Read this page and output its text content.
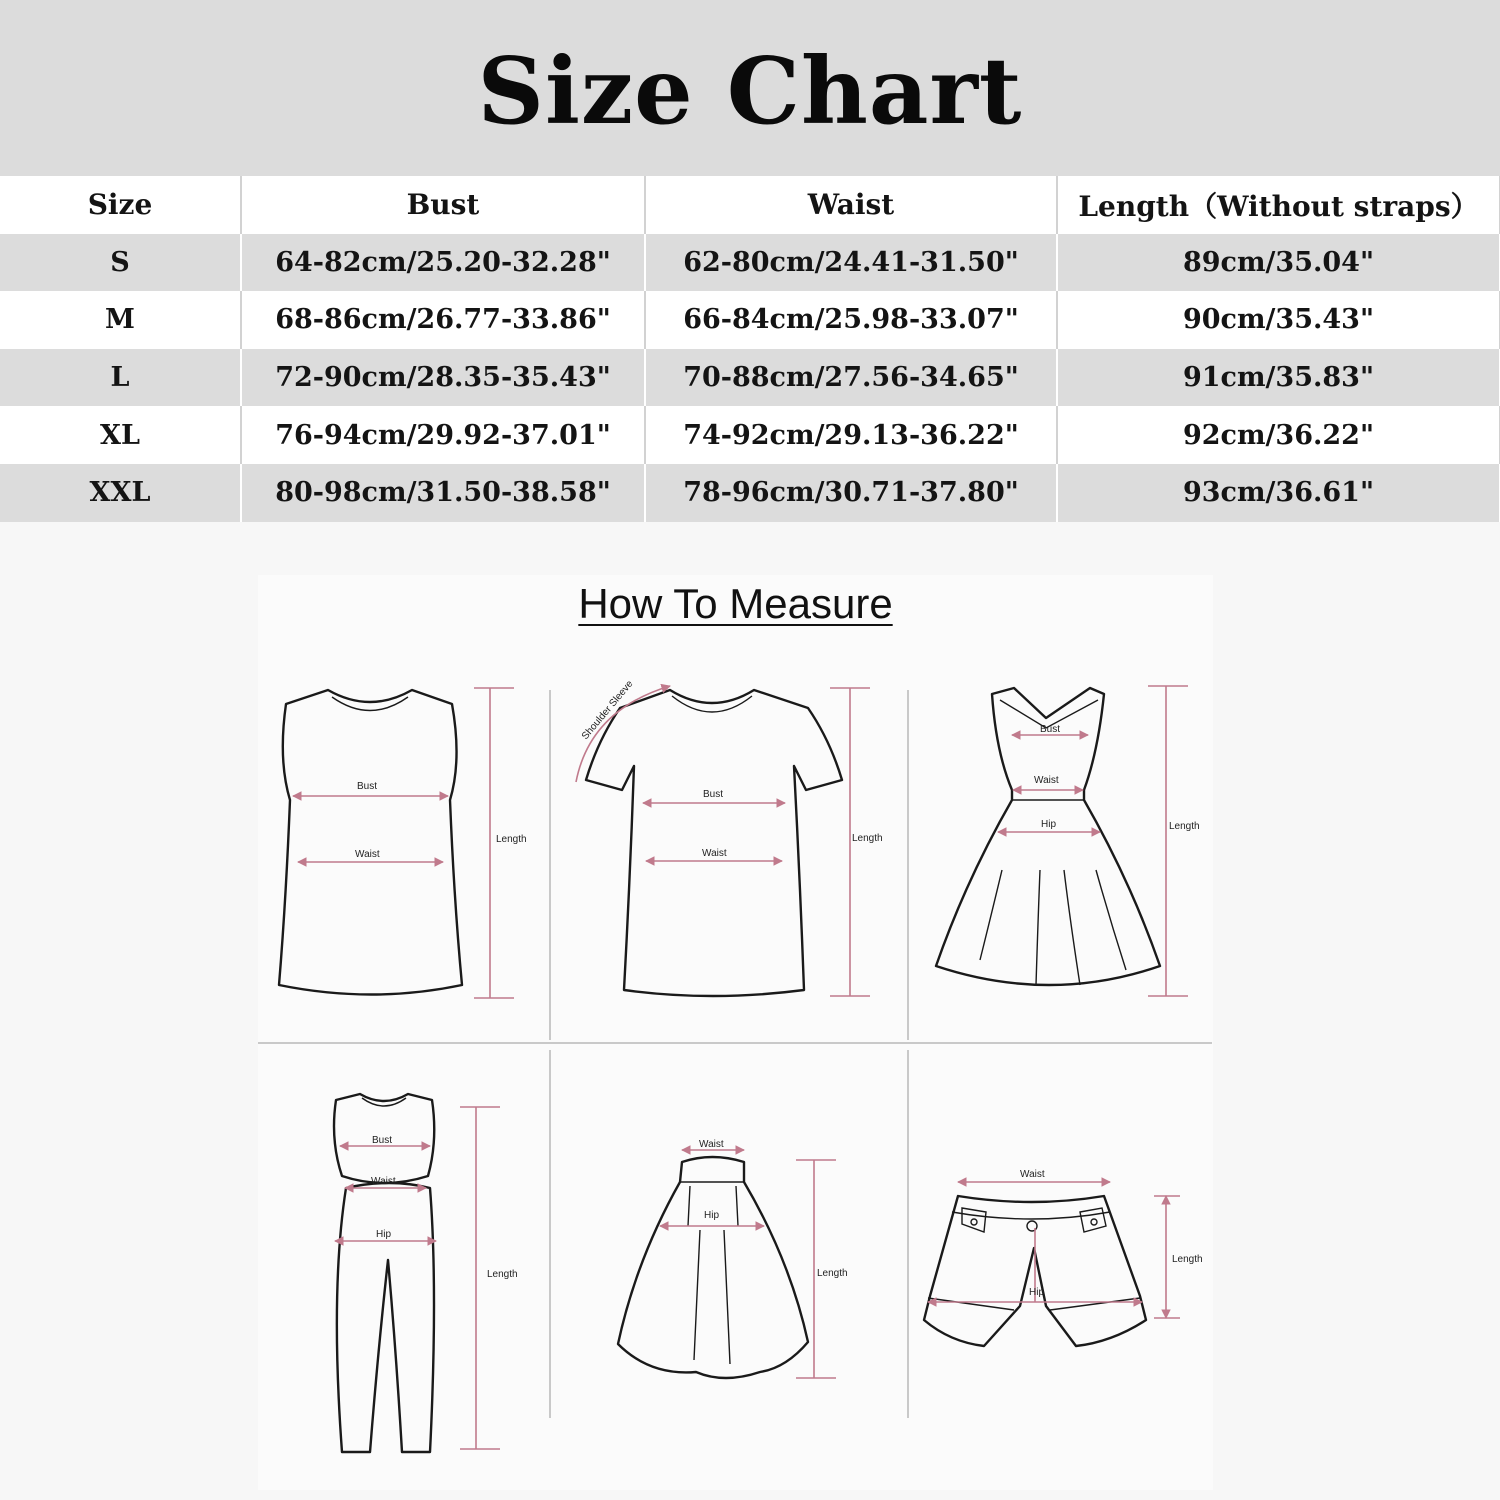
Size Chart
Size	Bust	Waist	Length（Without straps）
S	64-82cm/25.20-32.28"	62-80cm/24.41-31.50"	89cm/35.04"
M	68-86cm/26.77-33.86"	66-84cm/25.98-33.07"	90cm/35.43"
L	72-90cm/28.35-35.43"	70-88cm/27.56-34.65"	91cm/35.83"
XL	76-94cm/29.92-37.01"	74-92cm/29.13-36.22"	92cm/36.22"
XXL	80-98cm/31.50-38.58"	78-96cm/30.71-37.80"	93cm/36.61"
How To Measure
Bust
Waist
Length
Shoulder Sleeve
Bust
Waist
Length
Bust
Waist
Hip	Length
Bust
Waist
Hip
Length
Waist
Hip
Length
Waist
Hip
Length
